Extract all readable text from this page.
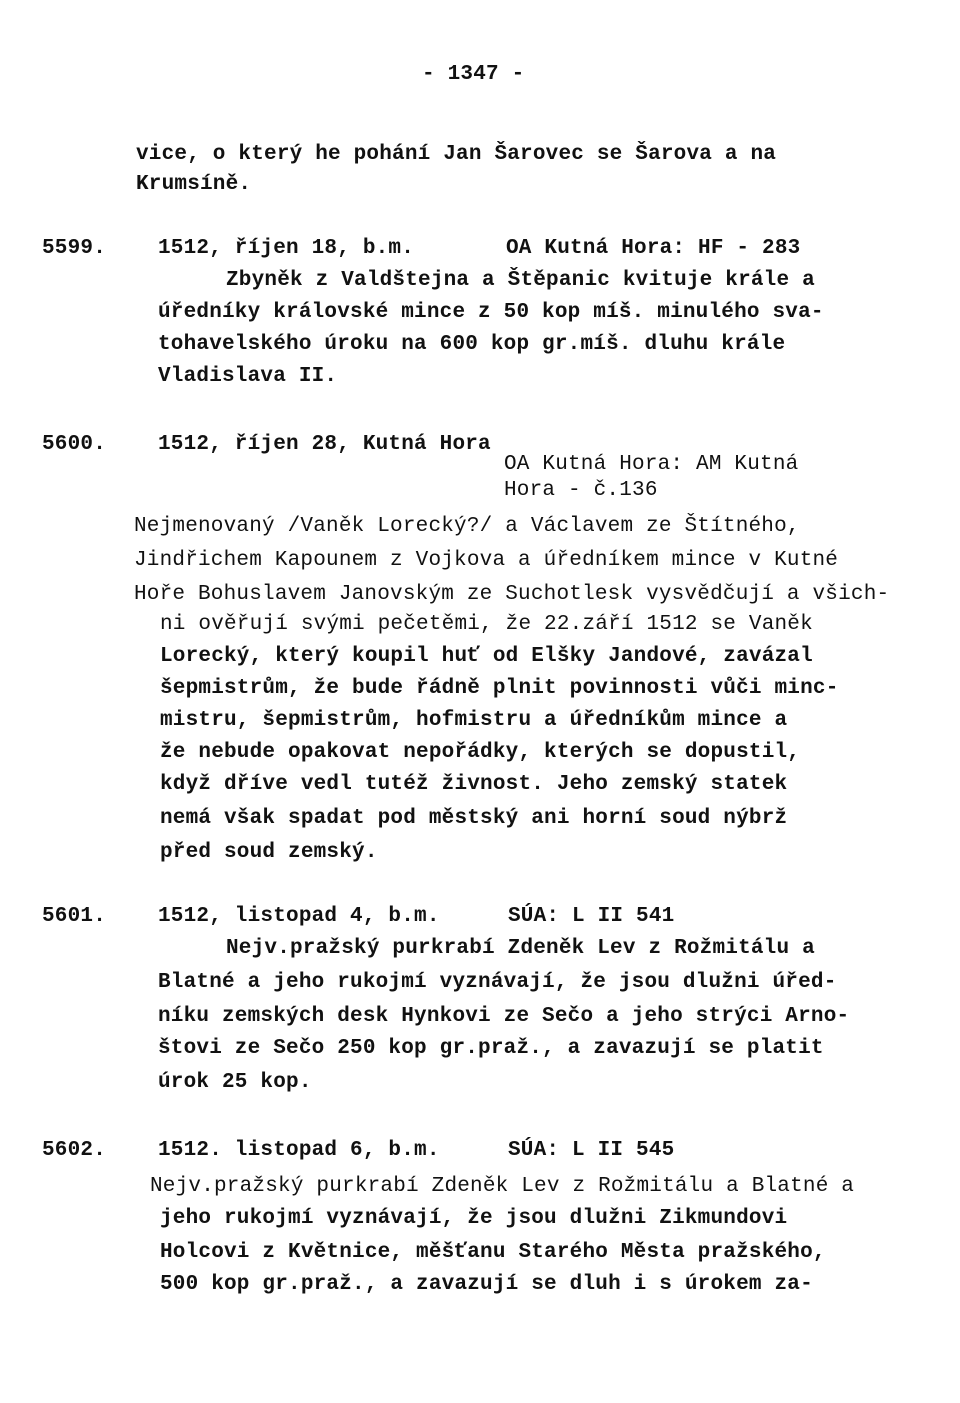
- 1347 -
vice, o který he pohání Jan Šarovec se Šarova a na
Krumsíně.
5599. 1512, říjen 18, b.m.	OA Kutná Hora: HF - 283
Zbyněk z Valdštejna a Štěpanic kvituje krále a
úředníky královské mince z 50 kop míš. minulého sva-
tohavelského úroku na 600 kop gr.míš. dluhu krále
Vladislava II.
5600. 1512, říjen 28, Kutná Hora
OA Kutná Hora: AM Kutná
Hora - č.136
Nejmenovaný /Vaněk Lorecký?/ a Václavem ze Štítného,
Jindřichem Kapounem z Vojkova a úředníkem mince v Kutné
Hoře Bohuslavem Janovským ze Suchotlesk vysvědčují a všich-
ni ověřují svými pečetěmi, že 22.září 1512 se Vaněk
Lorecký, který koupil huť od Elšky Jandové, zavázal
šepmistrům, že bude řádně plnit povinnosti vůči minc-
mistru, šepmistrům, hofmistru a úředníkům mince a
že nebude opakovat nepořádky, kterých se dopustil,
když dříve vedl tutéž živnost. Jeho zemský statek
nemá však spadat pod městský ani horní soud nýbrž
před soud zemský.
5601. 1512, listopad 4, b.m.	SÚA: L II 541
Nejv.pražský purkrabí Zdeněk Lev z Rožmitálu a
Blatné a jeho rukojmí vyznávají, že jsou dlužni úřed-
níku zemských desk Hynkovi ze Sečo a jeho strýci Arno-
štovi ze Sečo 250 kop gr.praž., a zavazují se platit
úrok 25 kop.
5602. 1512. listopad 6, b.m.	SÚA: L II 545
Nejv.pražský purkrabí Zdeněk Lev z Rožmitálu a Blatné a
jeho rukojmí vyznávají, že jsou dlužni Zikmundovi
Holcovi z Květnice, měšťanu Starého Města pražského,
500 kop gr.praž., a zavazují se dluh i s úrokem za-
